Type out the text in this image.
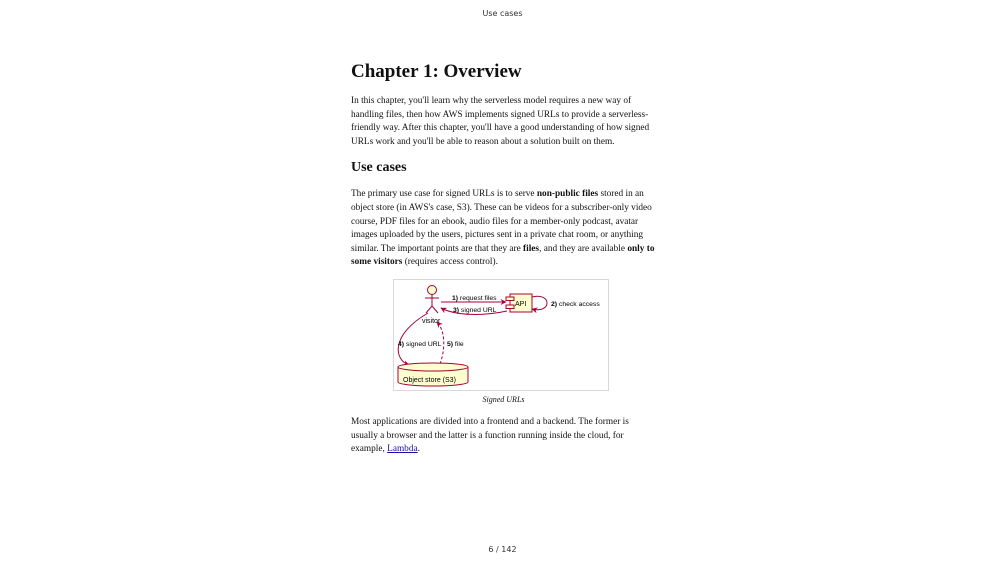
Use cases
Chapter 1: Overview

In this chapter, you'll learn why the serverless model requires a new way of handling files, then how AWS implements signed URLs to provide a serverless-friendly way. After this chapter, you'll have a good understanding of how signed URLs work and you'll be able to reason about a solution built on them.

Use cases

The primary use case for signed URLs is to serve non-public files stored in an object store (in AWS's case, S3). These can be videos for a subscriber-only video course, PDF files for an ebook, audio files for a member-only podcast, avatar images uploaded by the users, pictures sent in a private chat room, or anything similar. The important points are that they are files, and they are available only to some visitors (requires access control).

visitor
API
1) request files
2) check access
3) signed URL
4) signed URL 5) file
Object store (S3)
Signed URLs

Most applications are divided into a frontend and a backend. The former is usually a browser and the latter is a function running inside the cloud, for example, Lambda.

6 / 142
